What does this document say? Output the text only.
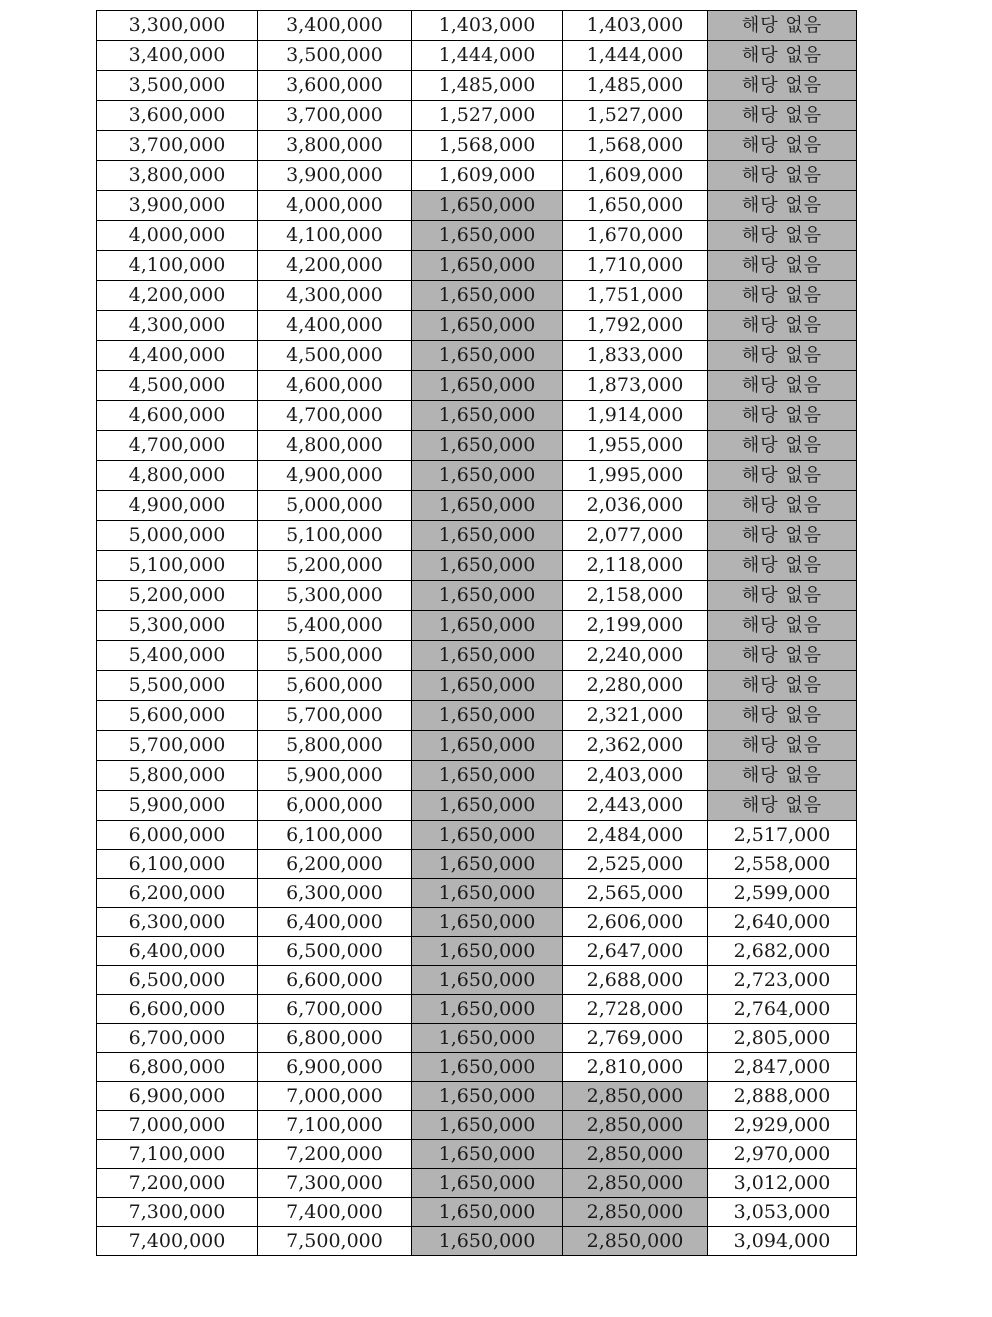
3,300,000	3,400,000	1,403,000	1,403,000	해당 없음
3,400,000	3,500,000	1,444,000	1,444,000	해당 없음
3,500,000	3,600,000	1,485,000	1,485,000	해당 없음
3,600,000	3,700,000	1,527,000	1,527,000	해당 없음
3,700,000	3,800,000	1,568,000	1,568,000	해당 없음
3,800,000	3,900,000	1,609,000	1,609,000	해당 없음
3,900,000	4,000,000	1,650,000	1,650,000	해당 없음
4,000,000	4,100,000	1,650,000	1,670,000	해당 없음
4,100,000	4,200,000	1,650,000	1,710,000	해당 없음
4,200,000	4,300,000	1,650,000	1,751,000	해당 없음
4,300,000	4,400,000	1,650,000	1,792,000	해당 없음
4,400,000	4,500,000	1,650,000	1,833,000	해당 없음
4,500,000	4,600,000	1,650,000	1,873,000	해당 없음
4,600,000	4,700,000	1,650,000	1,914,000	해당 없음
4,700,000	4,800,000	1,650,000	1,955,000	해당 없음
4,800,000	4,900,000	1,650,000	1,995,000	해당 없음
4,900,000	5,000,000	1,650,000	2,036,000	해당 없음
5,000,000	5,100,000	1,650,000	2,077,000	해당 없음
5,100,000	5,200,000	1,650,000	2,118,000	해당 없음
5,200,000	5,300,000	1,650,000	2,158,000	해당 없음
5,300,000	5,400,000	1,650,000	2,199,000	해당 없음
5,400,000	5,500,000	1,650,000	2,240,000	해당 없음
5,500,000	5,600,000	1,650,000	2,280,000	해당 없음
5,600,000	5,700,000	1,650,000	2,321,000	해당 없음
5,700,000	5,800,000	1,650,000	2,362,000	해당 없음
5,800,000	5,900,000	1,650,000	2,403,000	해당 없음
5,900,000	6,000,000	1,650,000	2,443,000	해당 없음
6,000,000	6,100,000	1,650,000	2,484,000	2,517,000
6,100,000	6,200,000	1,650,000	2,525,000	2,558,000
6,200,000	6,300,000	1,650,000	2,565,000	2,599,000
6,300,000	6,400,000	1,650,000	2,606,000	2,640,000
6,400,000	6,500,000	1,650,000	2,647,000	2,682,000
6,500,000	6,600,000	1,650,000	2,688,000	2,723,000
6,600,000	6,700,000	1,650,000	2,728,000	2,764,000
6,700,000	6,800,000	1,650,000	2,769,000	2,805,000
6,800,000	6,900,000	1,650,000	2,810,000	2,847,000
6,900,000	7,000,000	1,650,000	2,850,000	2,888,000
7,000,000	7,100,000	1,650,000	2,850,000	2,929,000
7,100,000	7,200,000	1,650,000	2,850,000	2,970,000
7,200,000	7,300,000	1,650,000	2,850,000	3,012,000
7,300,000	7,400,000	1,650,000	2,850,000	3,053,000
7,400,000	7,500,000	1,650,000	2,850,000	3,094,000
